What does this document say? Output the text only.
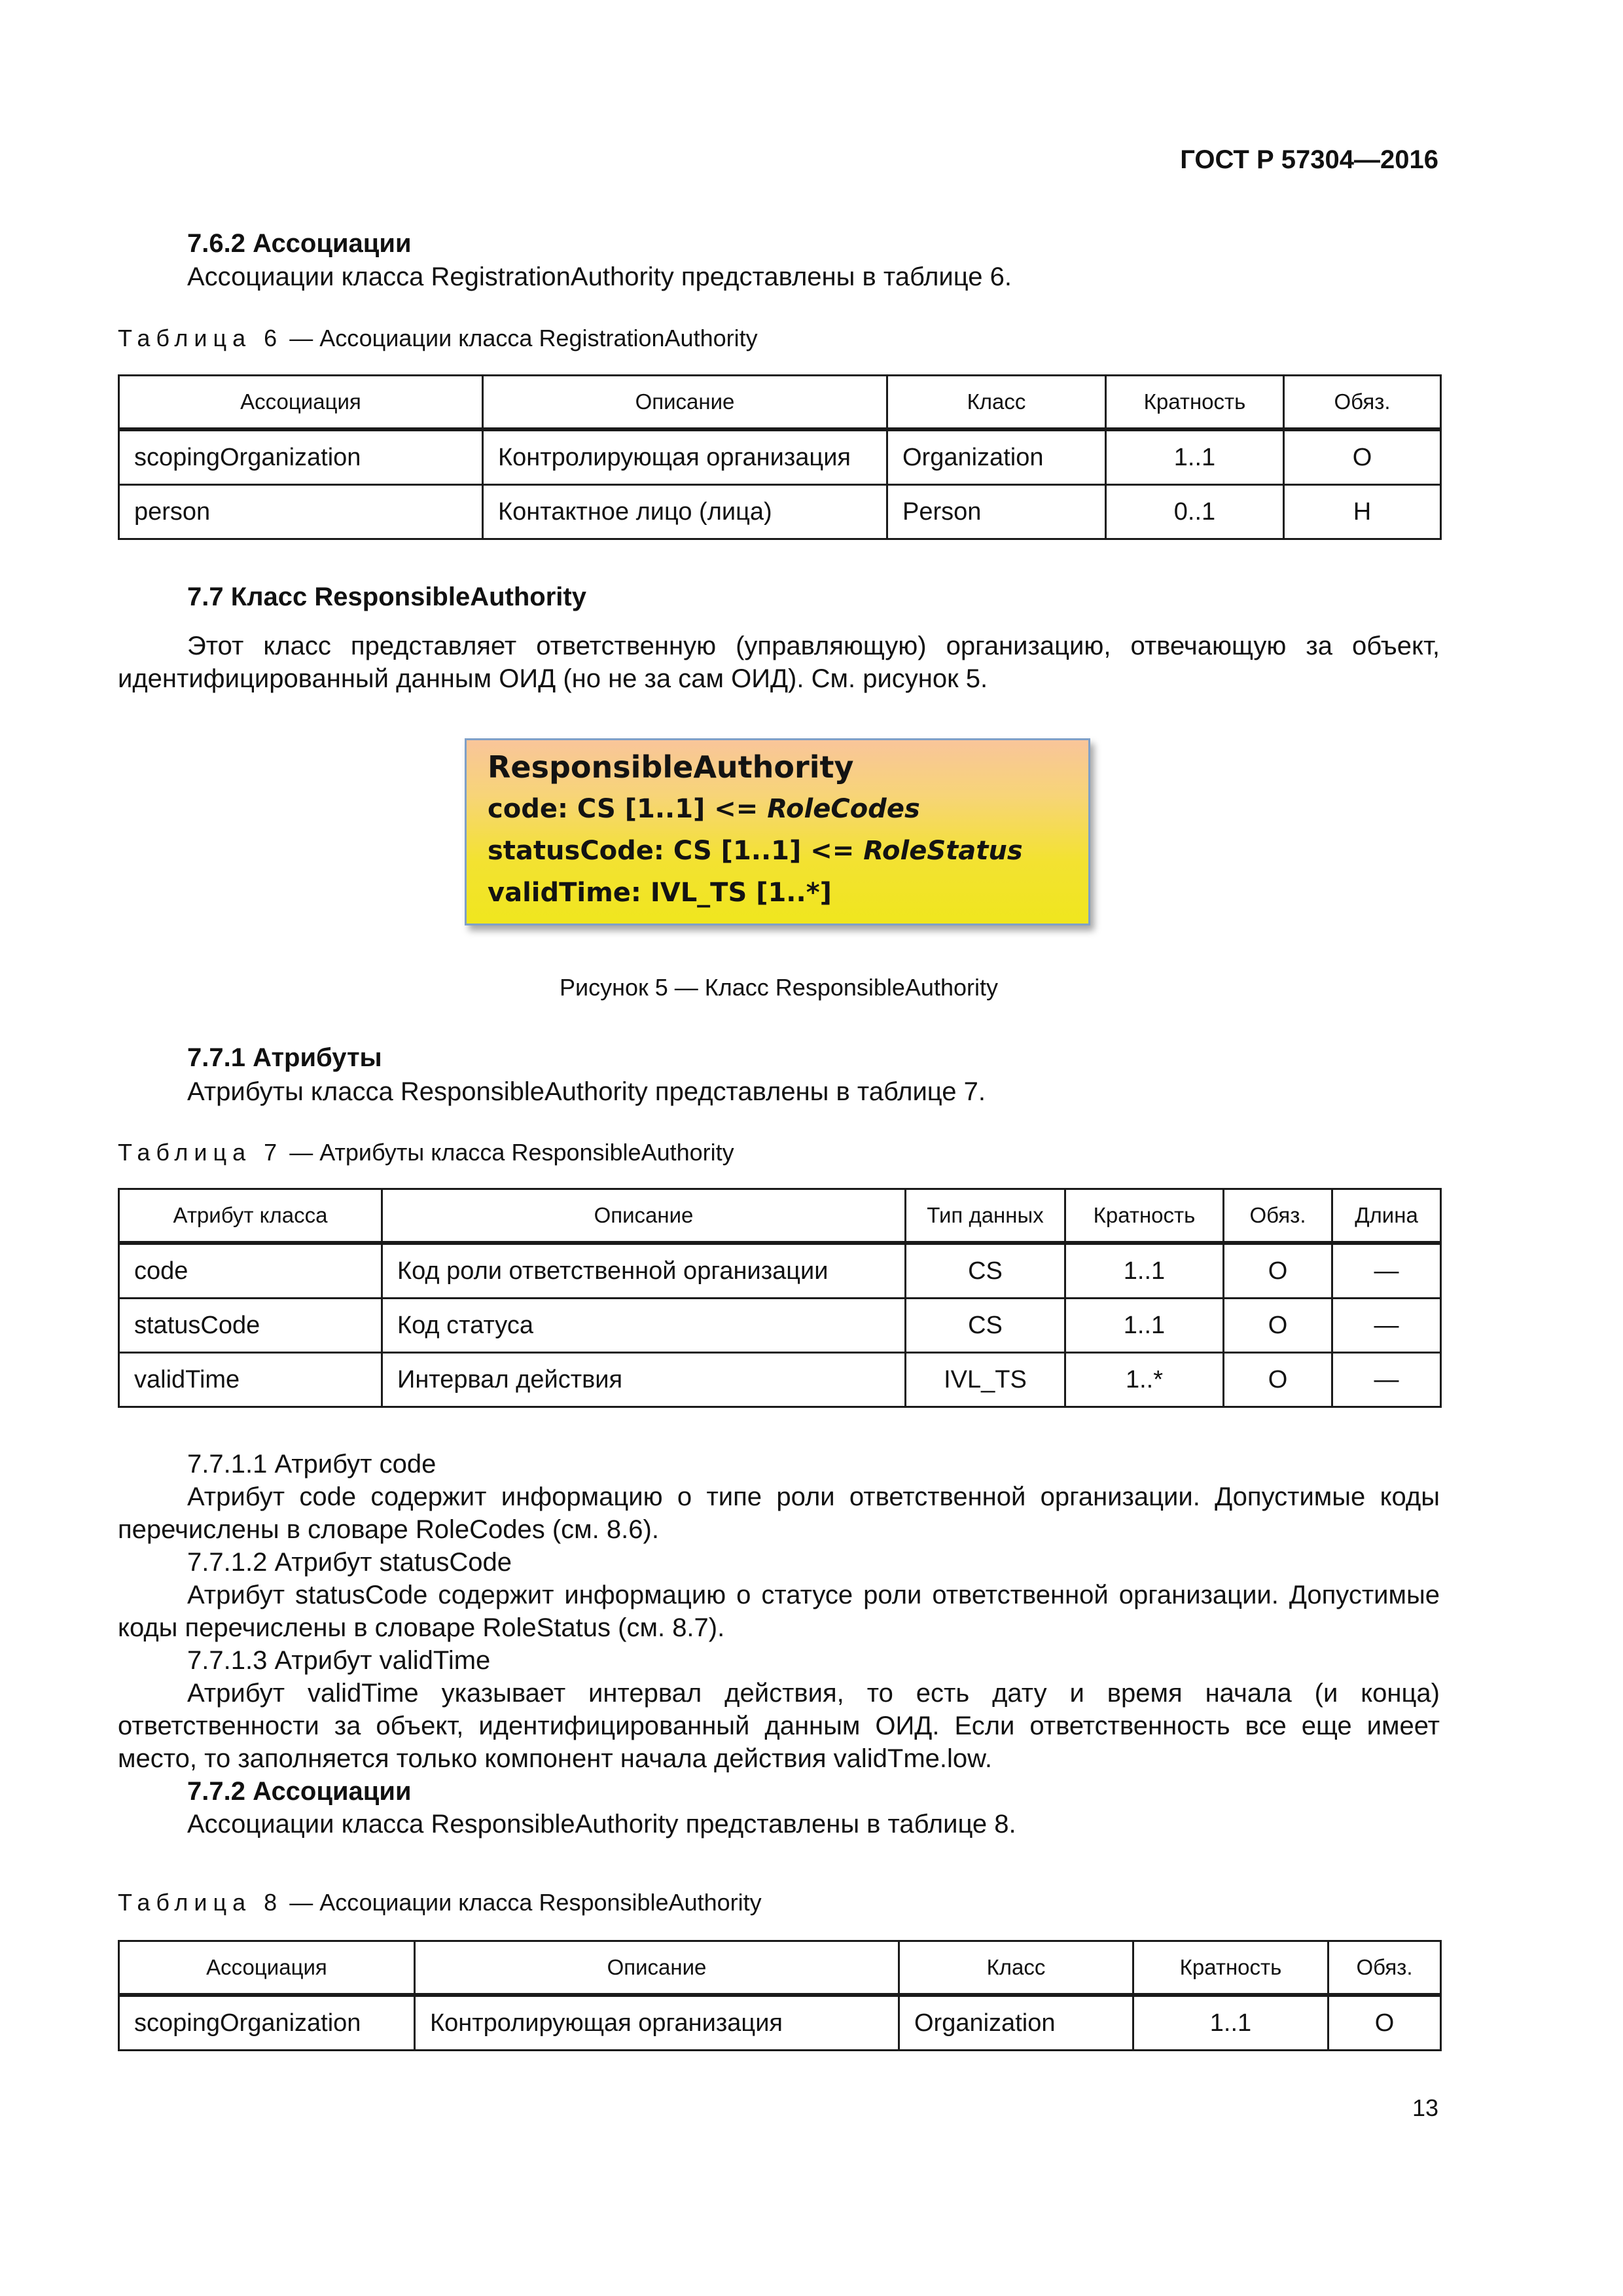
ГОСТ Р 57304—2016
7.6.2 Ассоциации
Ассоциации класса RegistrationAuthority представлены в таблице 6.
Таблица 6 — Ассоциации класса RegistrationAuthority
Ассоциация	Описание	Класс	Кратность	Обяз.
scopingOrganization	Контролирующая организация	Organization	1..1	О
person	Контактное лицо (лица)	Person	0..1	Н
7.7 Класс ResponsibleAuthority
Этот класс представляет ответственную (управляющую) организацию, отвечающую за объект, идентифицированный данным ОИД (но не за сам ОИД). См. рисунок 5.
ResponsibleAuthority
code: CS [1..1] <= RoleCodes
statusCode: CS [1..1] <= RoleStatus
validTime: IVL_TS [1..*]
Рисунок 5 — Класс ResponsibleAuthority
7.7.1 Атрибуты
Атрибуты класса ResponsibleAuthority представлены в таблице 7.
Таблица 7 — Атрибуты класса ResponsibleAuthority
Атрибут класса	Описание	Тип данных	Кратность	Обяз.	Длина
code	Код роли ответственной организации	CS	1..1	О	—
statusCode	Код статуса	CS	1..1	О	—
validTime	Интервал действия	IVL_TS	1..*	О	—

7.7.1.1 Атрибут code

Атрибут code содержит информацию о типе роли ответственной организации. Допустимые коды перечислены в словаре RoleCodes (см. 8.6).

7.7.1.2 Атрибут statusCode

Атрибут statusCode содержит информацию о статусе роли ответственной организации. Допустимые коды перечислены в словаре RoleStatus (см. 8.7).

7.7.1.3 Атрибут validTime

Атрибут validTime указывает интервал действия, то есть дату и время начала (и конца) ответственности за объект, идентифицированный данным ОИД. Если ответственность все еще имеет место, то заполняется только компонент начала действия validTme.low.

7.7.2 Ассоциации

Ассоциации класса ResponsibleAuthority представлены в таблице 8.

Таблица 8 — Ассоциации класса ResponsibleAuthority
Ассоциация	Описание	Класс	Кратность	Обяз.
scopingOrganization	Контролирующая организация	Organization	1..1	О
13
